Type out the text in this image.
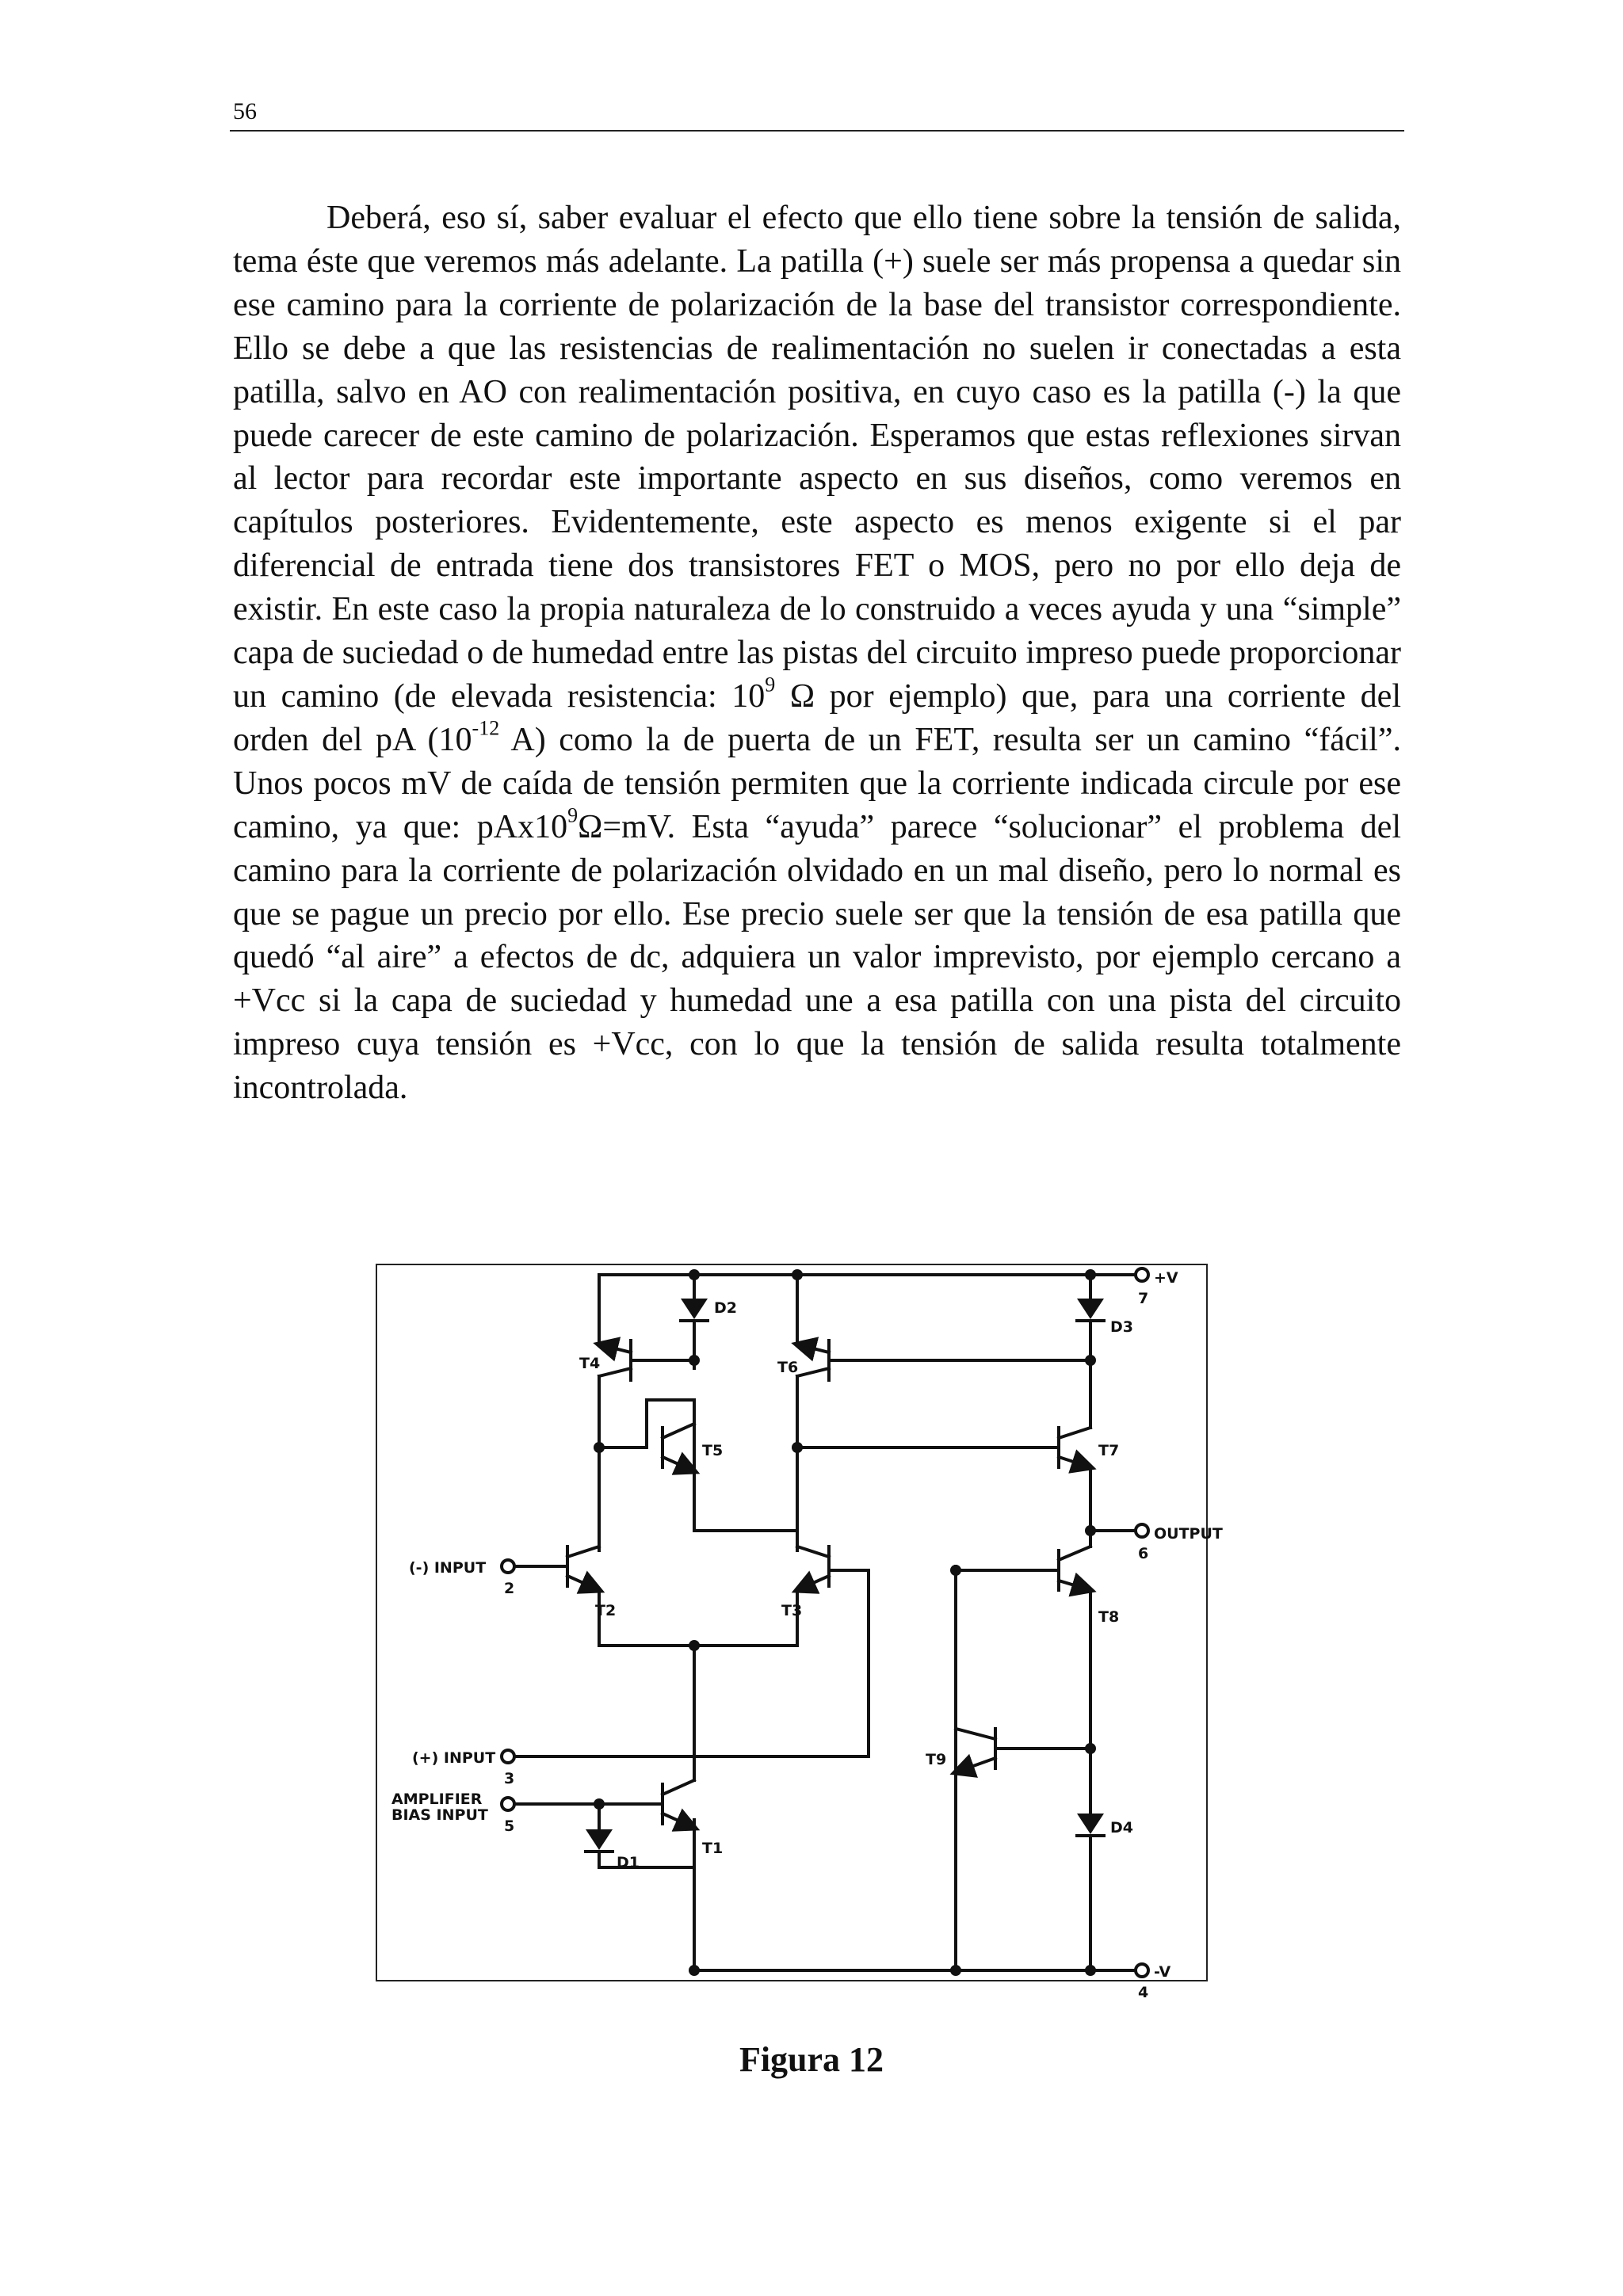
56

Deberá, eso sí, saber evaluar el efecto que ello tiene sobre la tensión de salida, tema éste que veremos más adelante. La patilla (+) suele ser más propensa a quedar sin ese camino para la corriente de polarización de la base del transistor correspondiente. Ello se debe a que las resistencias de realimentación no suelen ir conectadas a esta patilla, salvo en AO con realimentación positiva, en cuyo caso es la patilla (-) la que puede carecer de este camino de polarización. Esperamos que estas reflexiones sirvan al lector para recordar este importante aspecto en sus diseños, como veremos en capítulos posteriores. Evidentemente, este aspecto es menos exigente si el par diferencial de entrada tiene dos transistores FET o MOS, pero no por ello deja de existir. En este caso la propia naturaleza de lo construido a veces ayuda y una “simple” capa de suciedad o de humedad entre las pistas del circuito impreso puede proporcionar un camino (de elevada resistencia: $10^9$ Ω por ejemplo) que, para una corriente del orden del pA ($10^{-12}$ A) como la de puerta de un FET, resulta ser un camino “fácil”. Unos pocos mV de caída de tensión permiten que la corriente indicada circule por ese camino, ya que: $pAx10^9\Omega=mV$. Esta “ayuda” parece “solucionar” el problema del camino para la corriente de polarización olvidado en un mal diseño, pero lo normal es que se pague un precio por ello. Ese precio suele ser que la tensión de esa patilla que quedó “al aire” a efectos de dc, adquiera un valor imprevisto, por ejemplo cercano a +Vcc si la capa de suciedad y humedad une a esa patilla con una pista del circuito impreso cuya tensión es +Vcc, con lo que la tensión de salida resulta totalmente incontrolada.

+V
7
OUTPUT
6
-V
4
(-) INPUT
2
(+) INPUT
3
AMPLIFIER
BIAS INPUT
5
T4
T5
T6
T7
T2	T3	T8
T9
T1
D2
D3
D4
D1
Figura 12
